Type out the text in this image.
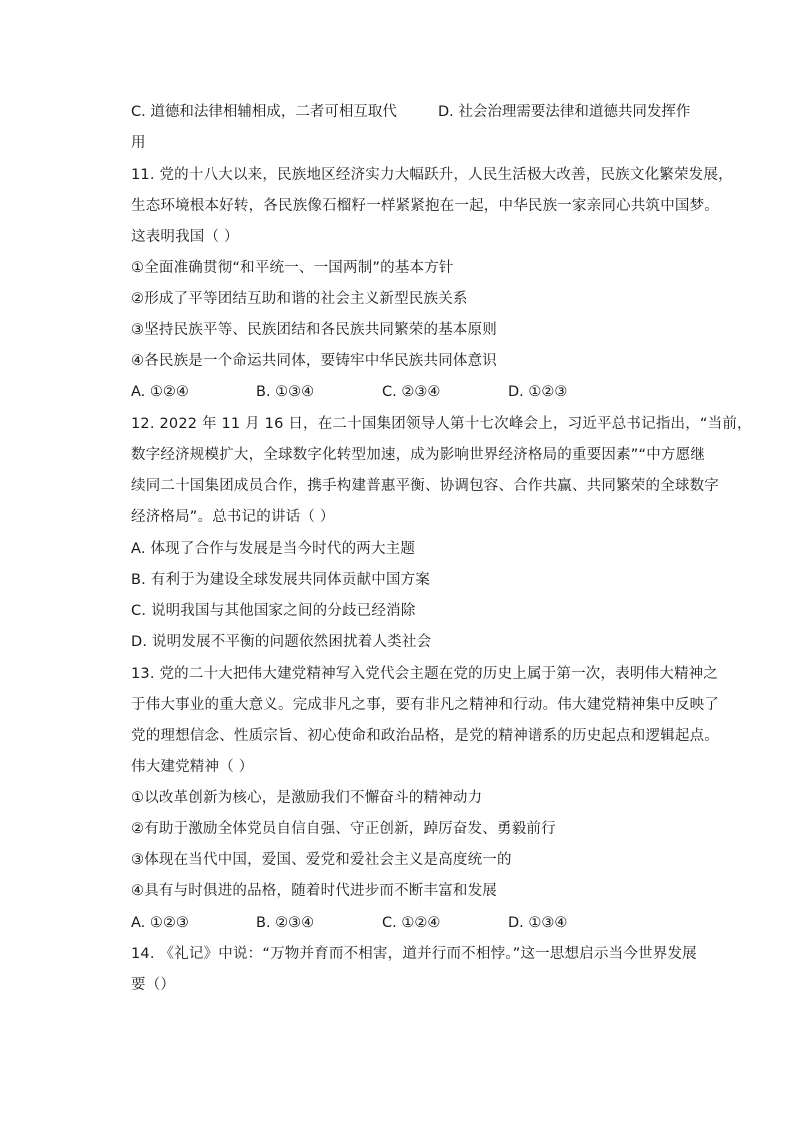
C. 道德和法律相辅相成，二者可相互取代	D. 社会治理需要法律和道德共同发挥作
用
11. 党的十八大以来，民族地区经济实力大幅跃升，人民生活极大改善，民族文化繁荣发展，
生态环境根本好转，各民族像石榴籽一样紧紧抱在一起，中华民族一家亲同心共筑中国梦。
这表明我国（ ）
①全面准确贯彻“和平统一、一国两制”的基本方针
②形成了平等团结互助和谐的社会主义新型民族关系
③坚持民族平等、民族团结和各民族共同繁荣的基本原则
④各民族是一个命运共同体，要铸牢中华民族共同体意识
A. ①②④	B. ①③④	C. ②③④	D. ①②③
12. 2022 年 11 月 16 日，在二十国集团领导人第十七次峰会上，习近平总书记指出，“当前，
数字经济规模扩大，全球数字化转型加速，成为影响世界经济格局的重要因素”“中方愿继
续同二十国集团成员合作，携手构建普惠平衡、协调包容、合作共赢、共同繁荣的全球数字
经济格局”。总书记的讲话（ ）
A. 体现了合作与发展是当今时代的两大主题
B. 有利于为建设全球发展共同体贡献中国方案
C. 说明我国与其他国家之间的分歧已经消除
D. 说明发展不平衡的问题依然困扰着人类社会
13. 党的二十大把伟大建党精神写入党代会主题在党的历史上属于第一次，表明伟大精神之
于伟大事业的重大意义。完成非凡之事，要有非凡之精神和行动。伟大建党精神集中反映了
党的理想信念、性质宗旨、初心使命和政治品格，是党的精神谱系的历史起点和逻辑起点。
伟大建党精神（ ）
①以改革创新为核心，是激励我们不懈奋斗的精神动力
②有助于激励全体党员自信自强、守正创新，踔厉奋发、勇毅前行
③体现在当代中国，爱国、爱党和爱社会主义是高度统一的
④具有与时俱进的品格，随着时代进步而不断丰富和发展
A. ①②③	B. ②③④	C. ①②④	D. ①③④
14. 《礼记》中说：“万物并育而不相害，道并行而不相悖。”这一思想启示当今世界发展
要（）
